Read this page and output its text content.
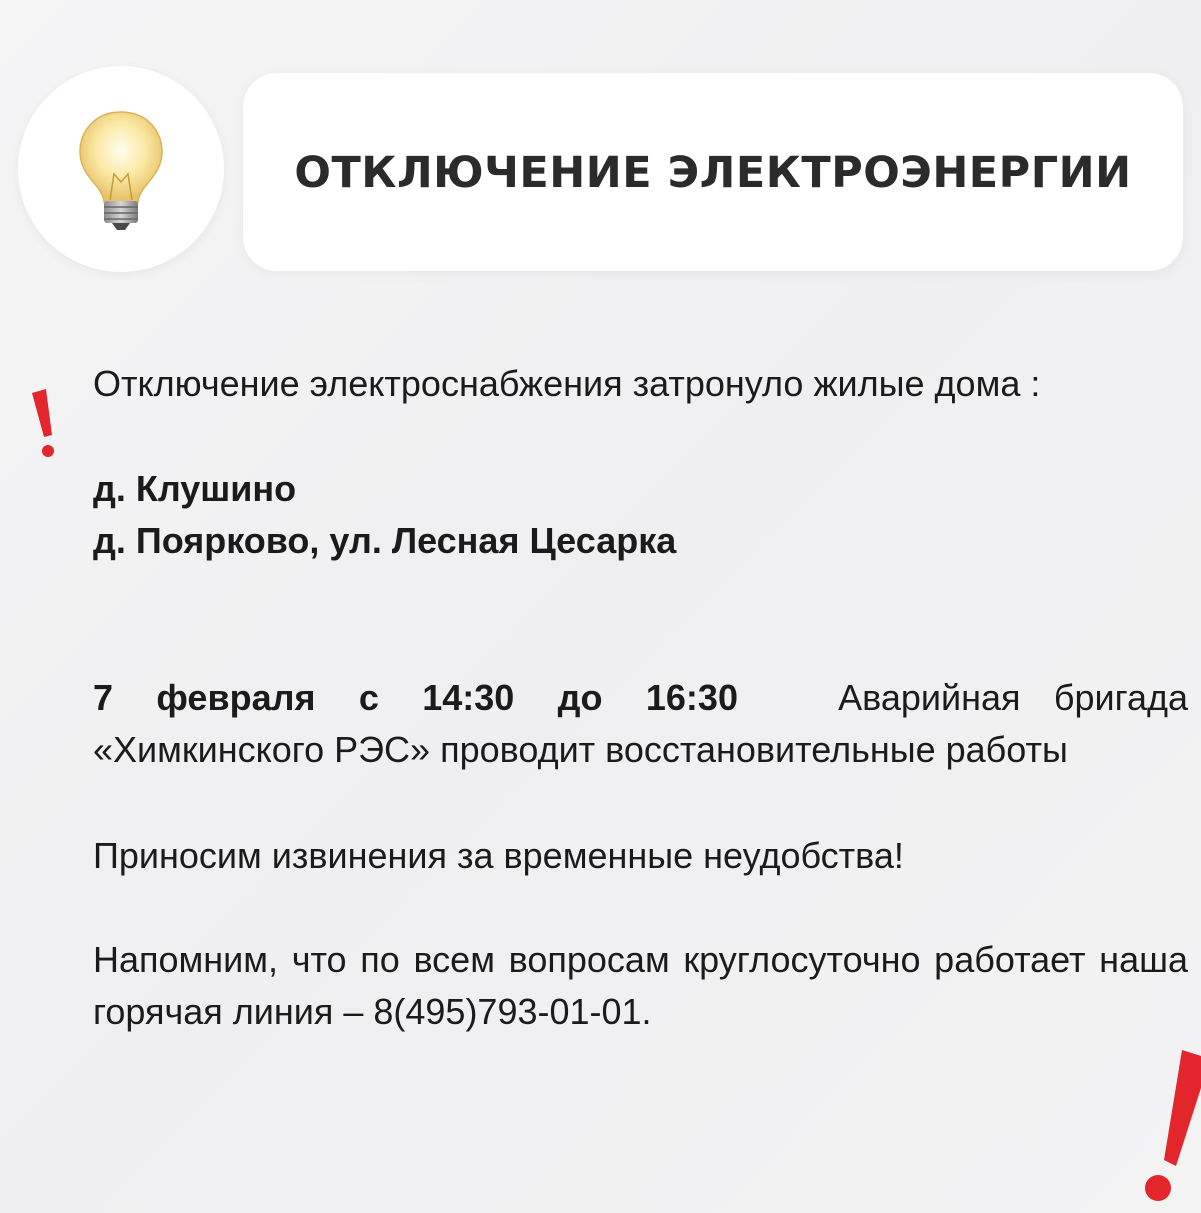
ОТКЛЮЧЕНИЕ ЭЛЕКТРОЭНЕРГИИ

Отключение электроснабжения затронуло жилые дома :

д. Клушино
д. Поярково, ул. Лесная Цесарка

7 февраля с 14:30 до 16:30	Аварийная бригада «Химкинского РЭС» проводит восстановительные работы

Приносим извинения за временные неудобства!

Напомним, что по всем вопросам круглосуточно работает наша горячая линия – 8(495)793-01-01.
